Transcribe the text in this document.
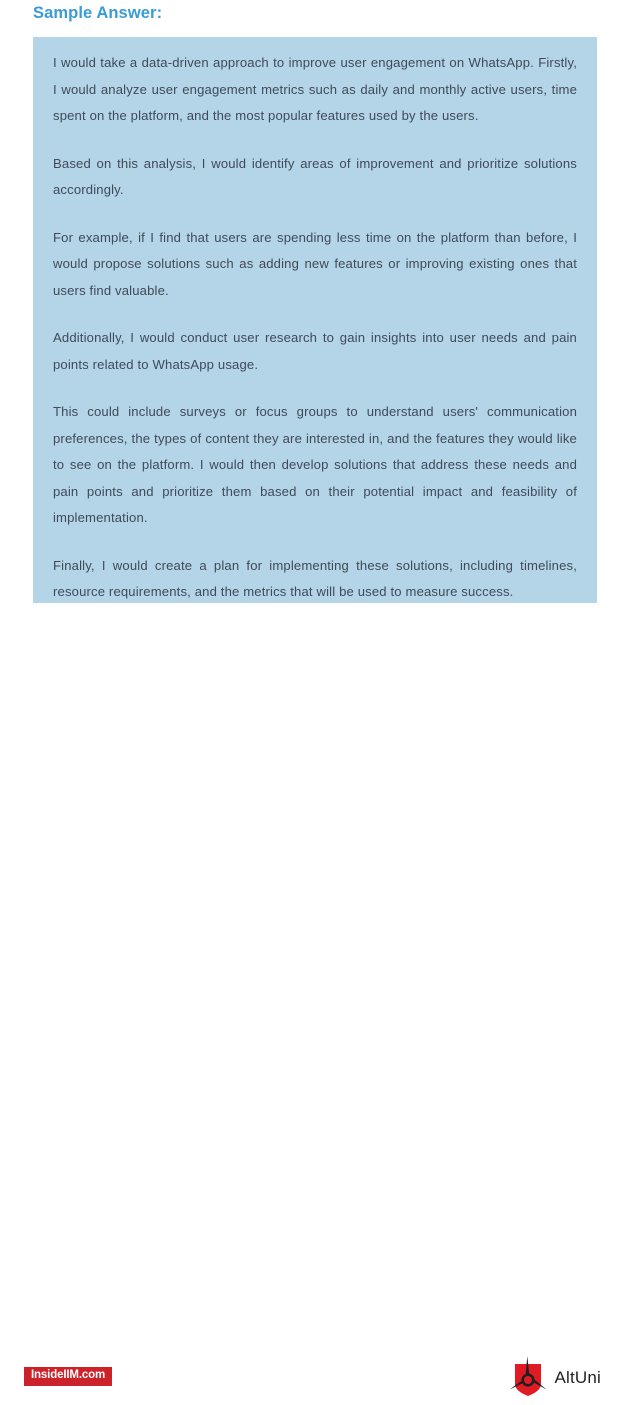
Sample Answer:

I would take a data-driven approach to improve user engagement on WhatsApp. Firstly, I would analyze user engagement metrics such as daily and monthly active users, time spent on the platform, and the most popular features used by the users.

Based on this analysis, I would identify areas of improvement and prioritize solutions accordingly.

For example, if I find that users are spending less time on the platform than before, I would propose solutions such as adding new features or improving existing ones that users find valuable.

Additionally, I would conduct user research to gain insights into user needs and pain points related to WhatsApp usage.

This could include surveys or focus groups to understand users' communication preferences, the types of content they are interested in, and the features they would like to see on the platform. I would then develop solutions that address these needs and pain points and prioritize them based on their potential impact and feasibility of implementation.

Finally, I would create a plan for implementing these solutions, including timelines, resource requirements, and the metrics that will be used to measure success.

InsideIIM.com	AltUni
